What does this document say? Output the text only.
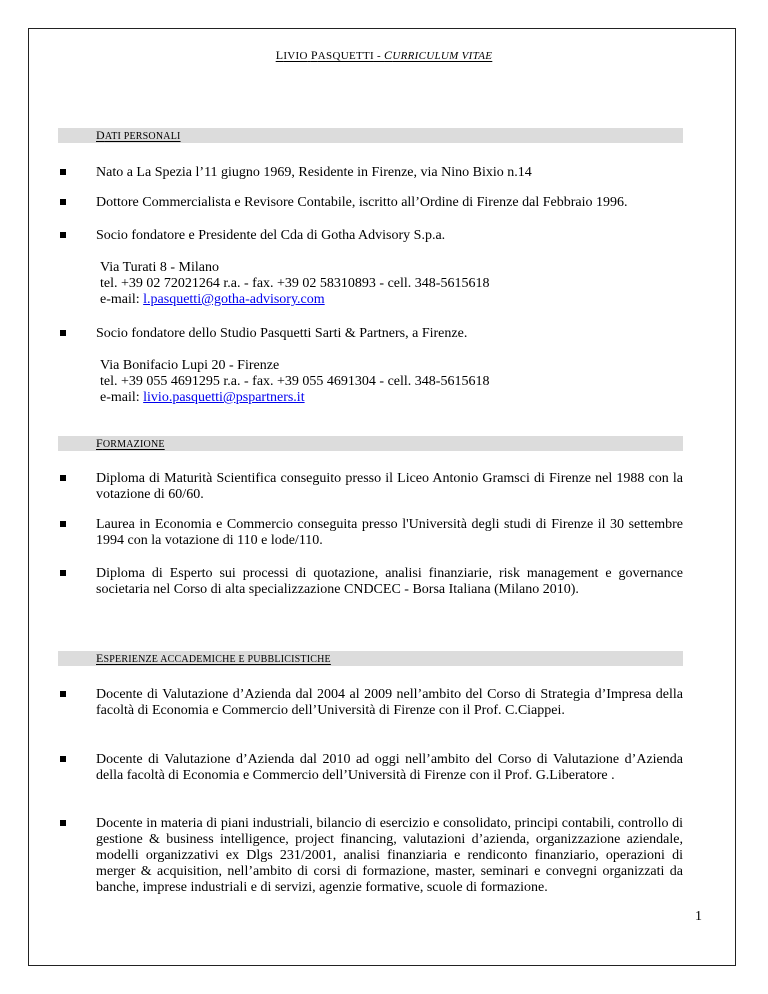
LIVIO PASQUETTI - CURRICULUM VITAE
DATI PERSONALI
Nato a La Spezia l’11 giugno 1969, Residente in Firenze, via Nino Bixio n.14
Dottore Commercialista e Revisore Contabile, iscritto all’Ordine di Firenze dal Febbraio 1996.
Socio fondatore e Presidente del Cda di Gotha Advisory S.p.a.
Via Turati 8 - Milano
tel. +39 02 72021264 r.a. - fax. +39 02 58310893 - cell. 348-5615618
e-mail: l.pasquetti@gotha-advisory.com
Socio fondatore dello Studio Pasquetti Sarti & Partners, a Firenze.
Via Bonifacio Lupi 20 - Firenze
tel. +39 055 4691295 r.a. - fax. +39 055 4691304 - cell. 348-5615618
e-mail: livio.pasquetti@pspartners.it
FORMAZIONE
Diploma di Maturità Scientifica conseguito presso il Liceo Antonio Gramsci di Firenze nel 1988 con la votazione di 60/60.
Laurea in Economia e Commercio conseguita presso l'Università degli studi di Firenze il 30 settembre 1994 con la votazione di 110 e lode/110.
Diploma di Esperto sui processi di quotazione, analisi finanziarie, risk management e governance societaria nel Corso di alta specializzazione CNDCEC - Borsa Italiana (Milano 2010).
ESPERIENZE ACCADEMICHE E PUBBLICISTICHE
Docente di Valutazione d’Azienda dal 2004 al 2009 nell’ambito del Corso di Strategia d’Impresa della facoltà di Economia e Commercio dell’Università di Firenze con il Prof. C.Ciappei.
Docente di Valutazione d’Azienda dal 2010 ad oggi nell’ambito del Corso di Valutazione d’Azienda della facoltà di Economia e Commercio dell’Università di Firenze con il Prof. G.Liberatore .
Docente in materia di piani industriali, bilancio di esercizio e consolidato, principi contabili, controllo di gestione & business intelligence, project financing, valutazioni d’azienda, organizzazione aziendale, modelli organizzativi ex Dlgs 231/2001, analisi finanziaria e rendiconto finanziario, operazioni di merger & acquisition, nell’ambito di corsi di formazione, master, seminari e convegni organizzati da banche, imprese industriali e di servizi, agenzie formative, scuole di formazione.
1
